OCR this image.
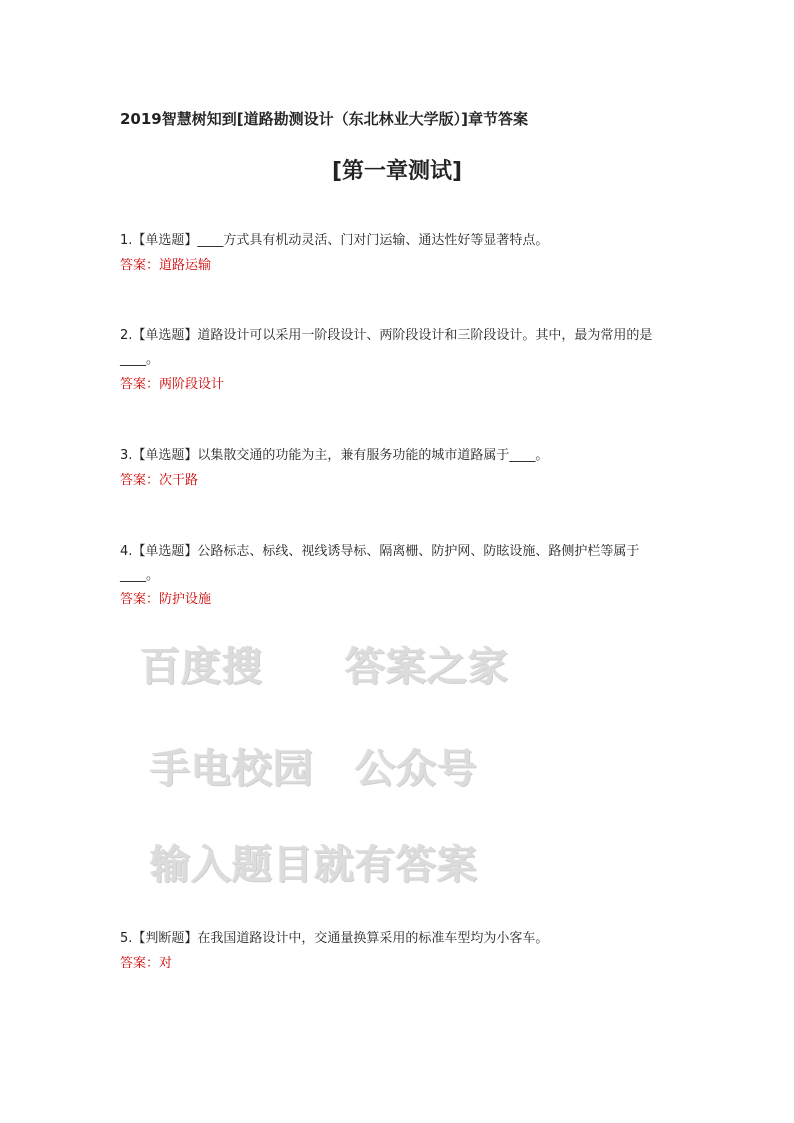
2019智慧树知到[道路勘测设计（东北林业大学版）]章节答案
[第一章测试]
1.【单选题】____方式具有机动灵活、门对门运输、通达性好等显著特点。
答案：道路运输
2.【单选题】道路设计可以采用一阶段设计、两阶段设计和三阶段设计。其中，最为常用的是____。
答案：两阶段设计
3.【单选题】以集散交通的功能为主，兼有服务功能的城市道路属于____。
答案：次干路
4.【单选题】公路标志、标线、视线诱导标、隔离栅、防护网、防眩设施、路侧护栏等属于____。
答案：防护设施
百度搜　　答案之家
手电校园　公众号
输入题目就有答案
5.【判断题】在我国道路设计中，交通量换算采用的标准车型均为小客车。
答案：对
